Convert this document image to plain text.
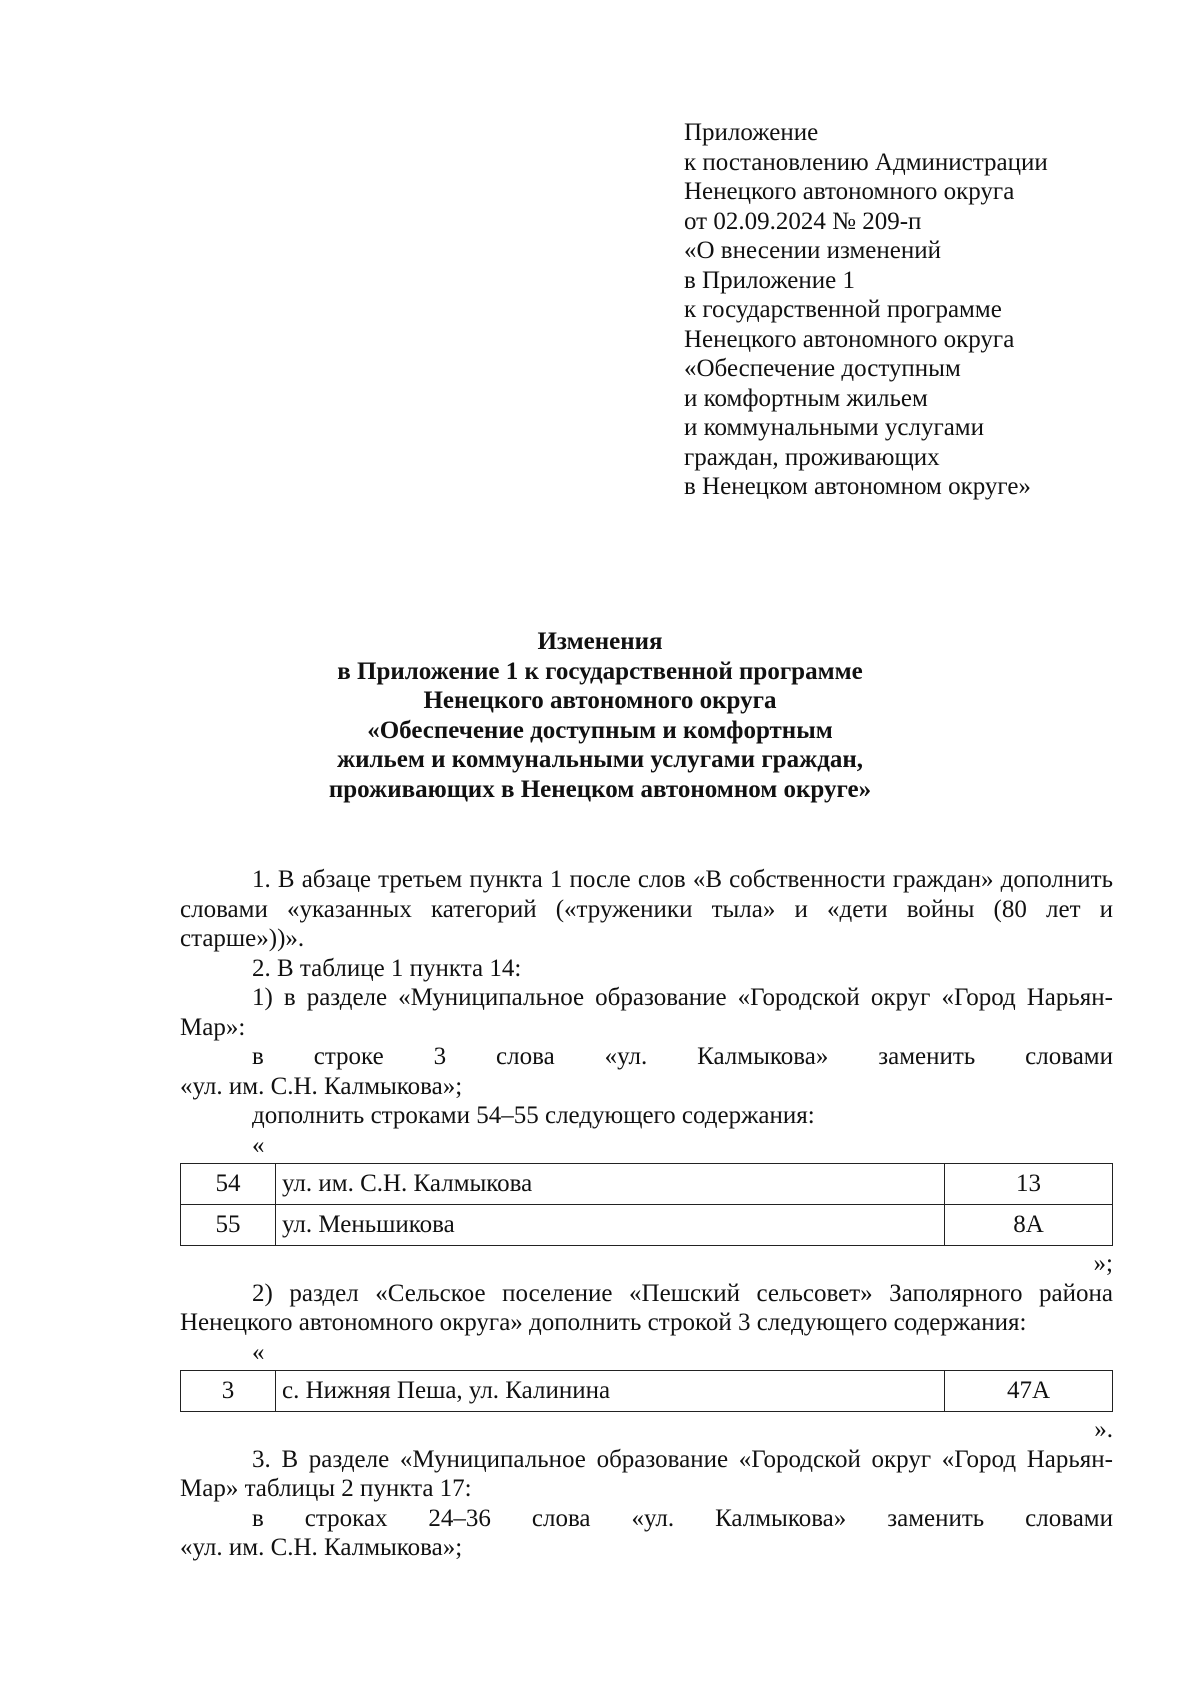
Приложение
к постановлению Администрации
Ненецкого автономного округа
от 02.09.2024 № 209-п
«О внесении изменений
в Приложение 1
к государственной программе
Ненецкого автономного округа
«Обеспечение доступным
и комфортным жильем
и коммунальными услугами
граждан, проживающих
в Ненецком автономном округе»
Изменения
в Приложение 1 к государственной программе
Ненецкого автономного округа
«Обеспечение доступным и комфортным
жильем и коммунальными услугами граждан,
проживающих в Ненецком автономном округе»

1. В абзаце третьем пункта 1 после слов «В собственности граждан» дополнить словами «указанных категорий («труженики тыла» и «дети войны (80 лет и старше»))».

2. В таблице 1 пункта 14:

1) в разделе «Муниципальное образование «Городской округ «Город Нарьян-Мар»:

в строке 3 слова «ул. Калмыкова» заменить словами

«ул. им. С.Н. Калмыкова»;

дополнить строками 54–55 следующего содержания:

«
54	ул. им. С.Н. Калмыкова	13
55	ул. Меньшикова	8А
»;

2) раздел «Сельское поселение «Пешский сельсовет» Заполярного района Ненецкого автономного округа» дополнить строкой 3 следующего содержания:

«
3	с. Нижняя Пеша, ул. Калинина	47А
».

3. В разделе «Муниципальное образование «Городской округ «Город Нарьян-Мар» таблицы 2 пункта 17:

в строках 24–36 слова «ул. Калмыкова» заменить словами

«ул. им. С.Н. Калмыкова»;
